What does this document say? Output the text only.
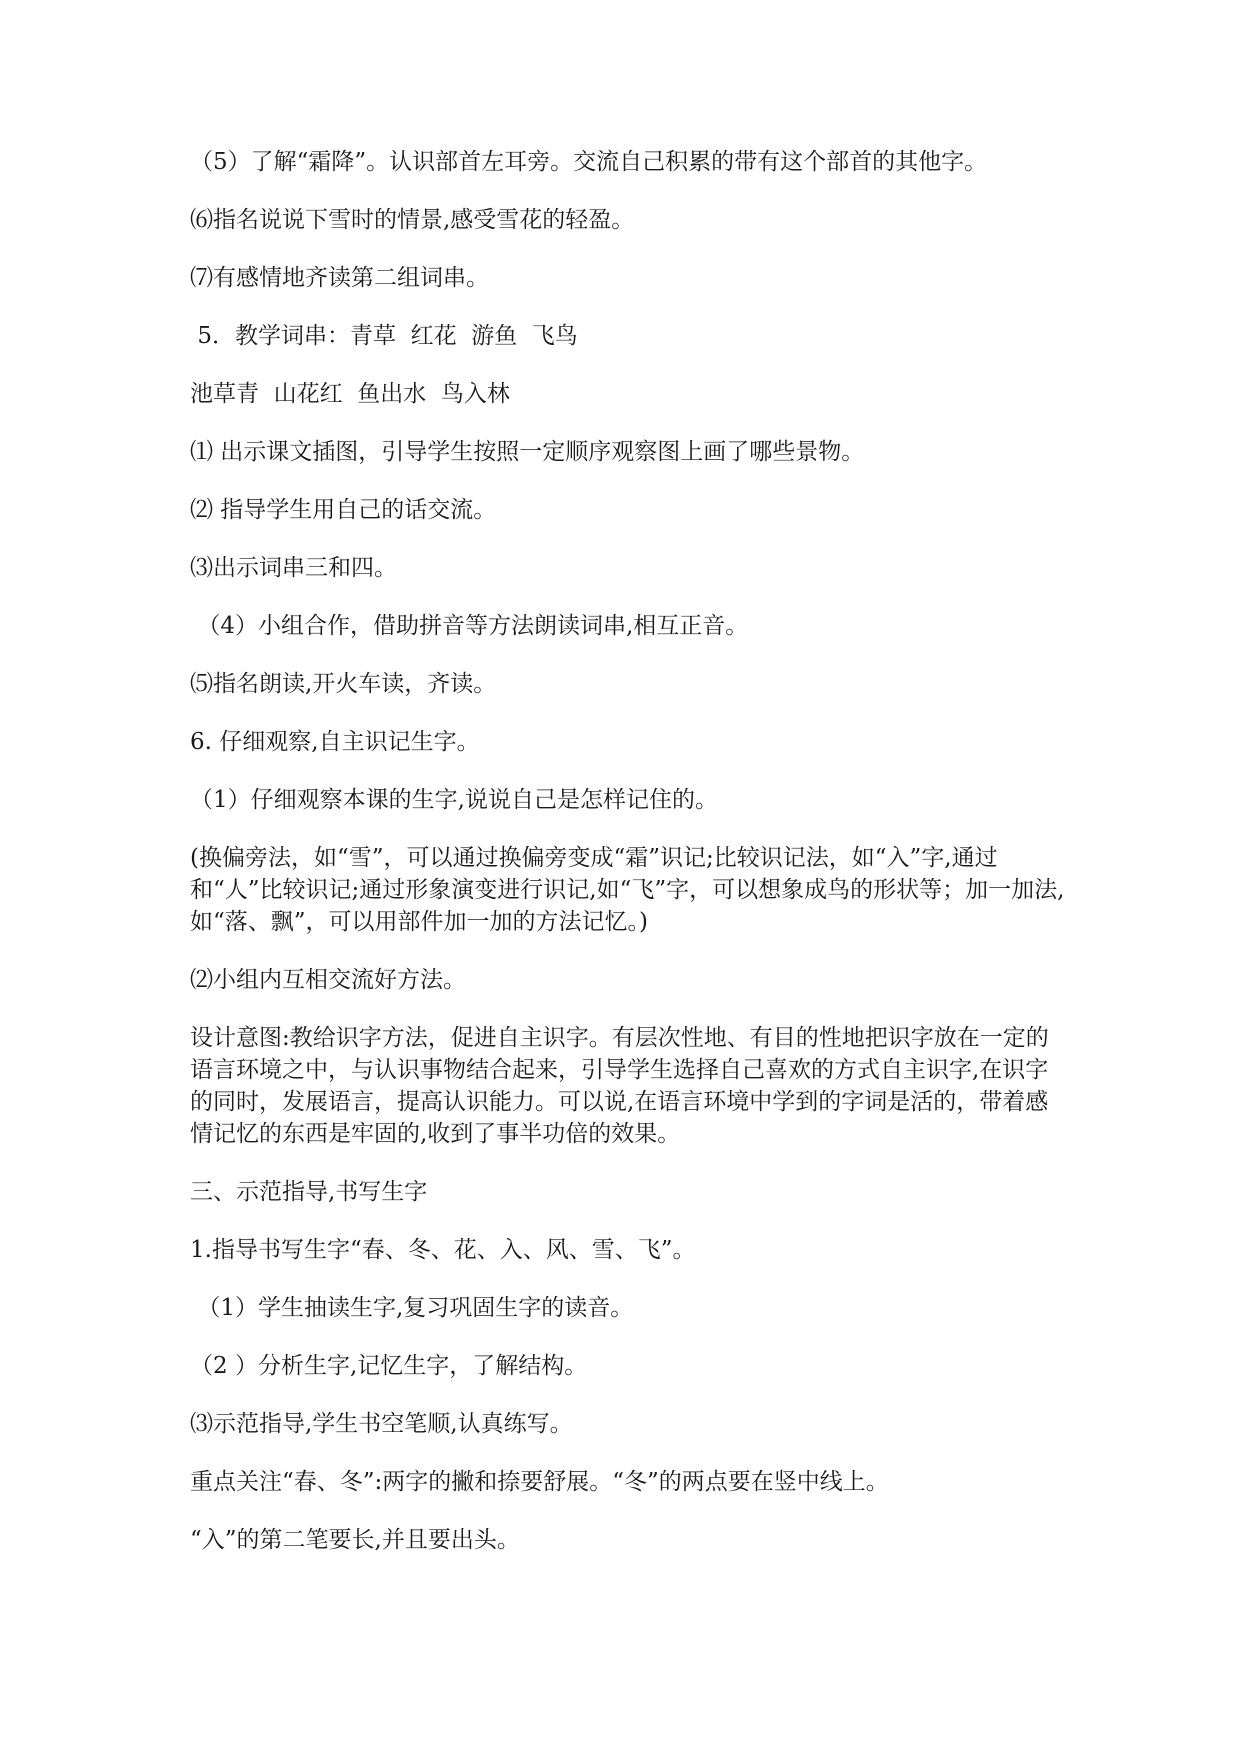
（5）了解“霜降”。认识部首左耳旁。交流自己积累的带有这个部首的其他字。

⑹指名说说下雪时的情景,感受雪花的轻盈。

⑺有感情地齐读第二组词串。

5．教学词串：青草  红花  游鱼  飞鸟

池草青  山花红  鱼出水  鸟入林

⑴ 出示课文插图，引导学生按照一定顺序观察图上画了哪些景物。

⑵ 指导学生用自己的话交流。

⑶出示词串三和四。

（4）小组合作，借助拼音等方法朗读词串,相互正音。

⑸指名朗读,开火车读，齐读。

6. 仔细观察,自主识记生字。

（1）仔细观察本课的生字,说说自己是怎样记住的。

(换偏旁法，如“雪”，可以通过换偏旁变成“霜”识记;比较识记法，如“入”字,通过和“人”比较识记;通过形象演变进行识记,如“飞”字，可以想象成鸟的形状等；加一加法,如“落、飘”，可以用部件加一加的方法记忆。)

⑵小组内互相交流好方法。

设计意图:教给识字方法，促进自主识字。有层次性地、有目的性地把识字放在一定的语言环境之中，与认识事物结合起来，引导学生选择自己喜欢的方式自主识字,在识字的同时，发展语言，提高认识能力。可以说,在语言环境中学到的字词是活的，带着感情记忆的东西是牢固的,收到了事半功倍的效果。

三、示范指导,书写生字

1.指导书写生字“春、冬、花、入、风、雪、飞”。

（1）学生抽读生字,复习巩固生字的读音。

（2 ）分析生字,记忆生字，了解结构。

⑶示范指导,学生书空笔顺,认真练写。

重点关注“春、冬”:两字的撇和捺要舒展。“冬”的两点要在竖中线上。

“入”的第二笔要长,并且要出头。
